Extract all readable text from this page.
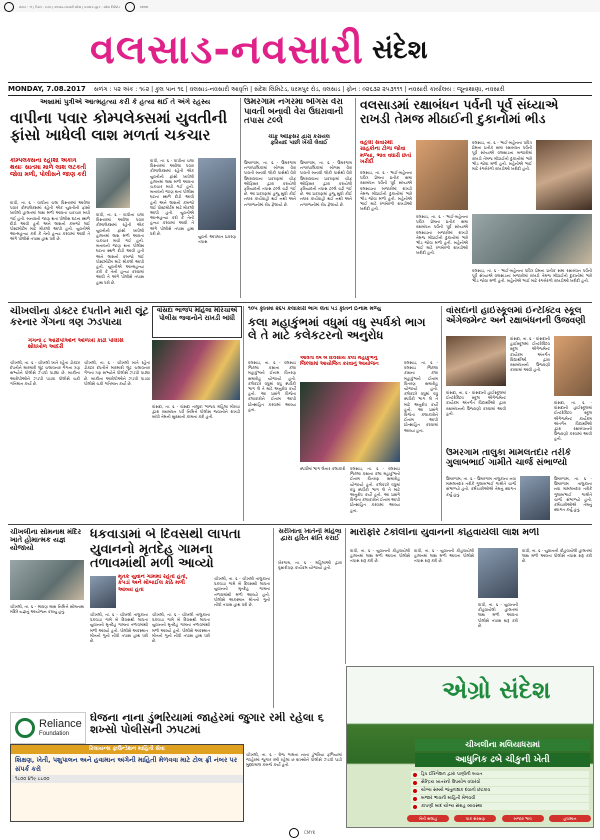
સંતાન : ૧૧ | કિમત : ૨.૦૦ | વલસાડ-નવસારી સંદેશ | પ્રકાશક-મુદ્રક : સંદેશ લિમિટેડ	CMYK
વલસાડ-નવસારી સંદેશ
MONDAY, 7.08.2017 સળંગ : ૫૨ અંક : ૧૯૨ | કુલ પાન ૧૬ | વલસાડ-નવસારી આવૃત્તિ | સંદેશ લિમિટેડ, ધરમપુર રોડ, વલસાડ | ફોન : ૦૨૬૩૨ ૨૫૩૧૧૧ | નવસારી કાર્યાલય : જૂનાથાણા, નવસારી
અબ્રામાં પુત્રીએ આત્મહત્યા કરી કે હત્યા થઈ તે અંગે રહસ્ય
વાપીના પવાર કોમ્પલેક્સમાં યુવતીની ફાંસો ખાધેલી લાશ મળતાં ચકચાર
કોમ્પલેક્સના રહીશો એકત્રિ થયાઃ સાતમા માળે લાશ લટકતી જોવા મળી, પોલીસને જાણ કરી
વાપી, તા. ૬ - વાપીના ચલા વિસ્તારમાં આવેલા પવાર કોમ્પલેક્સમાં રહેતી એક યુવતીની ફાંસો ખાધેલી હાલતમાં લાશ મળી આવતા ચકચાર મચી ગઈ હતી. બનાવની જાણ થતા પોલીસ ઘટના સ્થળે દોડી આવી હતી અને લાશનો કબજો લઈ પોસ્ટમોર્ટમ માટે મોકલી આપી હતી. યુવતીએ આત્મહત્યા કરી કે તેની હત્યા કરવામાં આવી તે અંગે પોલીસે તપાસ હાથ ધરી છે.
વાપી, તા. ૬ - વાપીના ચલા વિસ્તારમાં આવેલા પવાર કોમ્પલેક્સમાં રહેતી એક યુવતીની ફાંસો ખાધેલી હાલતમાં લાશ મળી આવતા ચકચાર મચી ગઈ હતી. બનાવની જાણ થતા પોલીસ ઘટના સ્થળે દોડી આવી હતી અને લાશનો કબજો લઈ પોસ્ટમોર્ટમ માટે મોકલી આપી હતી. યુવતીએ આત્મહત્યા કરી કે તેની હત્યા કરવામાં આવી તે અંગે પોલીસે તપાસ હાથ ધરી છે.
વાપી, તા. ૬ - વાપીના ચલા વિસ્તારમાં આવેલા પવાર કોમ્પલેક્સમાં રહેતી એક યુવતીની ફાંસો ખાધેલી હાલતમાં લાશ મળી આવતા ચકચાર મચી ગઈ હતી. બનાવની જાણ થતા પોલીસ ઘટના સ્થળે દોડી આવી હતી અને લાશનો કબજો લઈ પોસ્ટમોર્ટમ માટે મોકલી આપી હતી. યુવતીએ આત્મહત્યા કરી કે તેની હત્યા કરવામાં આવી તે અંગે પોલીસે તપાસ હાથ ધરી છે.
યુવતી આપઘાત પ્રકરણ તપાસ
ઉમરગામ નગરમાં બોગસ વેરા પાવતી બનાવી વેરા ઉઘરાવાની તપાસ ટલ્લે
ચીફ ઓફિસર દ્વારા કરાયેલ ફરિયાદ પાછી ખેંચી લેવાઈ
ઉમરગામ, તા. ૬ - ઉમરગામ નગરપાલિકામાં બોગસ વેરા પાવતી બનાવી લોકો પાસેથી વેરો ઉઘરાવવાના પ્રકરણમાં ચીફ ઓફિસર દ્વારા કરાયેલી ફરિયાદની તપાસ ટલ્લે ચઢી ગઈ છે. આ પ્રકરણમાં હજુ સુધી કોઈ નક્કર કાર્યવાહી થઈ નથી અને નગરજનોમાં રોષ ફેલાયો છે.
ઉમરગામ, તા. ૬ - ઉમરગામ નગરપાલિકામાં બોગસ વેરા પાવતી બનાવી લોકો પાસેથી વેરો ઉઘરાવવાના પ્રકરણમાં ચીફ ઓફિસર દ્વારા કરાયેલી ફરિયાદની તપાસ ટલ્લે ચઢી ગઈ છે. આ પ્રકરણમાં હજુ સુધી કોઈ નક્કર કાર્યવાહી થઈ નથી અને નગરજનોમાં રોષ ફેલાયો છે.
વલસાડમાં રક્ષાબંધન પર્વની પૂર્વ સંધ્યાએ રાખડી તેમજ મીઠાઈની દુકાનોમાં ભીડ
વહેલી સવારથી ગ્રાહકોના ટોળા જોવા મળ્યા, ભાવ વધારો છતાં ખરીદી
વલસાડ, તા. ૬ - ભાઈ-બહેનના પવિત્ર પ્રેમના પ્રતીક સમા રક્ષાબંધન પર્વની પૂર્વ સંધ્યાએ વલસાડના બજારોમાં રાખડી તેમજ મીઠાઈની દુકાનોમાં ભારે ભીડ જોવા મળી હતી. બહેનોએ ભાઈ માટે રંગબેરંગી રાખડીઓ ખરીદી હતી.
વલસાડ, તા. ૬ - ભાઈ-બહેનના પવિત્ર પ્રેમના પ્રતીક સમા રક્ષાબંધન પર્વની પૂર્વ સંધ્યાએ વલસાડના બજારોમાં રાખડી તેમજ મીઠાઈની દુકાનોમાં ભારે ભીડ જોવા મળી હતી. બહેનોએ ભાઈ માટે રંગબેરંગી રાખડીઓ ખરીદી હતી.
વલસાડ, તા. ૬ - ભાઈ-બહેનના પવિત્ર પ્રેમના પ્રતીક સમા રક્ષાબંધન પર્વની પૂર્વ સંધ્યાએ વલસાડના બજારોમાં રાખડી તેમજ મીઠાઈની દુકાનોમાં ભારે ભીડ જોવા મળી હતી. બહેનોએ ભાઈ માટે રંગબેરંગી રાખડીઓ ખરીદી હતી.
વલસાડ, તા. ૬ - ભાઈ-બહેનના પવિત્ર પ્રેમના પ્રતીક સમા રક્ષાબંધન પર્વની પૂર્વ સંધ્યાએ વલસાડના બજારોમાં રાખડી તેમજ મીઠાઈની દુકાનોમાં ભારે ભીડ જોવા મળી હતી. બહેનોએ ભાઈ માટે રંગબેરંગી રાખડીઓ ખરીદી હતી.
ચીખલીના ડોક્ટર દંપતીને મારી લૂંટ કરનાર ગેંગના ત્રણ ઝડપાયા
ગેંગના ૮ આરોપીઓને ઓળખી કાઢી પોલીસે શોધખોળ આદરી
ચીખલી, તા. ૬ - ચીખલી ખાતે રહેતા ડોક્ટર દંપતીને મારમારી લૂંટ ચલાવનાર ગેંગના ત્રણ સભ્યોને પોલીસે ઝડપી પાડ્યા છે. બાકીના આરોપીઓને ઝડપી પાડવા પોલીસે ચક્રો ગતિમાન કર્યા છે.
ચીખલી, તા. ૬ - ચીખલી ખાતે રહેતા ડોક્ટર દંપતીને મારમારી લૂંટ ચલાવનાર ગેંગના ત્રણ સભ્યોને પોલીસે ઝડપી પાડ્યા છે. બાકીના આરોપીઓને ઝડપી પાડવા પોલીસે ચક્રો ગતિમાન કર્યા છે.
વાંસદા ભાજપ મહિલા મોરચાએ પોલીસ જવાનોને રાખડી બાંધી
વાંસદા, તા. ૬ - વાંસદા તાલુકા ભાજપ મહિલા મોરચા દ્વારા રક્ષાબંધન પર્વ નિમિત્તે પોલીસ જવાનોને રાખડી બાંધી તેમની સુરક્ષાની કામના કરી હતી.
૧૦૫ કૃતિમાં ૨૬૫ કલાકારો ભાગ લેતા પડ કૃતિને ઈનામ મળ્યું
કલા મહાકુંભમાં વધુમાં વધુ સ્પર્ધકો ભાગ લે તે માટે કલેકટરનો અનુરોધ
આવતા વર્ષે બે દિવસીય કલા મહાકુંભનું જિલ્લામાં આયોજિત કરવાનું આયોજન
વલસાડ, તા. ૬ - વલસાડ જિલ્લા કક્ષાના કલા મહાકુંભનો ઈનામ વિતરણ સમારોહ યોજાયો હતો. કલેકટરે વધુમાં વધુ સ્પર્ધકો ભાગ લે તે માટે અનુરોધ કર્યો હતો. આ પ્રસંગે વિજેતા કલાકારોને ઈનામ આપી પ્રોત્સાહિત કરવામાં આવ્યા હતા.
સ્પર્ધામાં ભાગ લેનાર કલાકારો વલસાડ, તા. ૬ - વલસાડ જિલ્લા કક્ષાના કલા મહાકુંભનો ઈનામ વિતરણ સમારોહ યોજાયો હતો. કલેકટરે વધુમાં વધુ સ્પર્ધકો ભાગ લે તે માટે અનુરોધ કર્યો હતો. આ પ્રસંગે વિજેતા કલાકારોને ઈનામ આપી પ્રોત્સાહિત કરવામાં આવ્યા હતા.
વલસાડ, તા. ૬ - વલસાડ જિલ્લા કક્ષાના કલા મહાકુંભનો ઈનામ વિતરણ સમારોહ યોજાયો હતો. કલેકટરે વધુમાં વધુ સ્પર્ધકો ભાગ લે તે માટે અનુરોધ કર્યો હતો. આ પ્રસંગે વિજેતા કલાકારોને ઈનામ આપી પ્રોત્સાહિત કરવામાં આવ્યા હતા.
વાંસદાની હાઈસ્કૂલમાં ઈન્ટેક્ટિવ સ્કૂલ એંગેજમેન્ટ અને રક્ષાબંધનની ઉજવણી
વાંસદા, તા. ૬ - વાંસદાની હાઈસ્કૂલમાં ઈન્ટરેક્ટિવ સ્કૂલ એંગેજમેન્ટ કાર્યક્રમ અંતર્ગત વિદ્યાર્થીઓ દ્વારા રક્ષાબંધનની ઉજવણી કરવામાં આવી હતી.
વાંસદા, તા. ૬ - વાંસદાની હાઈસ્કૂલમાં ઈન્ટરેક્ટિવ સ્કૂલ એંગેજમેન્ટ કાર્યક્રમ અંતર્ગત વિદ્યાર્થીઓ દ્વારા રક્ષાબંધનની ઉજવણી કરવામાં આવી હતી.
વાંસદા, તા. ૬ - વાંસદાની હાઈસ્કૂલમાં ઈન્ટરેક્ટિવ સ્કૂલ એંગેજમેન્ટ કાર્યક્રમ અંતર્ગત વિદ્યાર્થીઓ દ્વારા રક્ષાબંધનની ઉજવણી કરવામાં આવી હતી.
ઉમરગામ તાલુકા મામલતદાર તરીકે ગુલાબભાઈ ગામીતે ચાર્જ સંભાળ્યો
ઉમરગામ, તા. ૬ - ઉમરગામ તાલુકાના નવા મામલતદાર તરીકે ગુલાબભાઈ ગામીતે ચાર્જ સંભાળ્યો હતો. કર્મચારીઓએ તેમનું સ્વાગત કર્યું હતું.
ઉમરગામ, તા. ૬ - ઉમરગામ તાલુકાના નવા મામલતદાર તરીકે ગુલાબભાઈ ગામીતે ચાર્જ સંભાળ્યો હતો. કર્મચારીઓએ તેમનું સ્વાગત કર્યું હતું.
ચીખલીના સોમનાથ મંદિર ખાતે હોમાત્મક યજ્ઞ યોજાયો
ચીખલી, તા. ૬ - શ્રાવણ માસ નિમિત્તે સોમનાથ મંદિરે યજ્ઞનું આયોજન કરાયું હતું.
ધકવાડામાં બે દિવસથી લાપતા યુવાનનો મૃતદેહ ગામના તળાવમાંથી મળી આવ્યો
મૃતક યુવાન ગામમાં રહેતો હતો, કપડાં અને મોબાઈલ કાંઠે મળી આવ્યા હતા
ચીખલી, તા. ૬ - ચીખલી તાલુકાના ધકવાડા ગામે બે દિવસથી લાપતા યુવાનનો મૃતદેહ ગામના તળાવમાંથી મળી આવ્યો હતો. પોલીસે અકસ્માત મોતનો ગુનો નોંધી તપાસ હાથ ધરી છે.
ચીખલી, તા. ૬ - ચીખલી તાલુકાના ધકવાડા ગામે બે દિવસથી લાપતા યુવાનનો મૃતદેહ ગામના તળાવમાંથી મળી આવ્યો હતો. પોલીસે અકસ્માત મોતનો ગુનો નોંધી તપાસ હાથ ધરી છે.
ચીખલી, તા. ૬ - ચીખલી તાલુકાના ધકવાડા ગામે બે દિવસથી લાપતા યુવાનનો મૃતદેહ ગામના તળાવમાંથી મળી આવ્યો હતો. પોલીસે અકસ્માત મોતનો ગુનો નોંધી તપાસ હાથ ધરી છે.
સરીખાતા ખાતેની મહિલા દ્વારા હરિત ક્રાંતિ કરાઈ
ખેરગામ, તા. ૬ - મહિલાઓ દ્વારા વૃક્ષારોપણ કાર્યક્રમ યોજાયો હતો.
મારોફોર ટેકોલીના યુવાનની કોહવાયેલી લાશ મળી
વાપી, તા. ૬ - યુવાનની કોહવાયેલી હાલતમાં લાશ મળી આવતા પોલીસે તપાસ શરૂ કરી છે.
વાપી, તા. ૬ - યુવાનની કોહવાયેલી હાલતમાં લાશ મળી આવતા પોલીસે તપાસ શરૂ કરી છે.
વાપી, તા. ૬ - યુવાનની કોહવાયેલી હાલતમાં લાશ મળી આવતા પોલીસે તપાસ શરૂ કરી છે.
વાપી, તા. ૬ - યુવાનની કોહવાયેલી હાલતમાં લાશ મળી આવતા પોલીસે તપાસ શરૂ કરી છે.
ઘેજના નાના ડુંભરિયામાં જાહેરમાં જુગાર રમી રહેલા ૬ શખ્સો પોલીસની ઝપટમાં
ચીખલી, તા. ૬ - ઘેજ ગામના નાના ડુંભરિયા ફળિયામાં જાહેરમાં જુગાર રમી રહેલા છ શખ્સોને પોલીસે ઝડપી પાડી મુદ્દામાલ કબજે કર્યો હતો.
Reliance
Foundation
રિલાયન્સ ફાઉન્ડેશન માહિતી સેવા
શિક્ષણ, ખેતી, પશુપાલન અને હવામાન અંગેની માહિતી મેળવવા માટે ટોલ ફ્રી નંબર પર સંપર્ક કરો
૧૮૦૦ ૪૧૯ ૮૮૦૦
એગ્રો સંદેશ
ચીખલીના મલિયાધરામાં
આધુનિક ઢબે ચીકુની ખેતી
ડ્રિપ ઈરિગેશન દ્વારા પાણીની બચત
સેન્દ્રિય ખાતરનો ઉપયોગ વધારવો
યોગ્ય સમયે જંતુનાશક દવાનો છંટકાવ
બજાર ભાવની માહિતી મેળવવી
કાપણી બાદ યોગ્ય સંગ્રહ વ્યવસ્થા
ખેતી સલાહ	પાક સંરક્ષણ	બજાર ભાવ	હવામાન
CMYK
